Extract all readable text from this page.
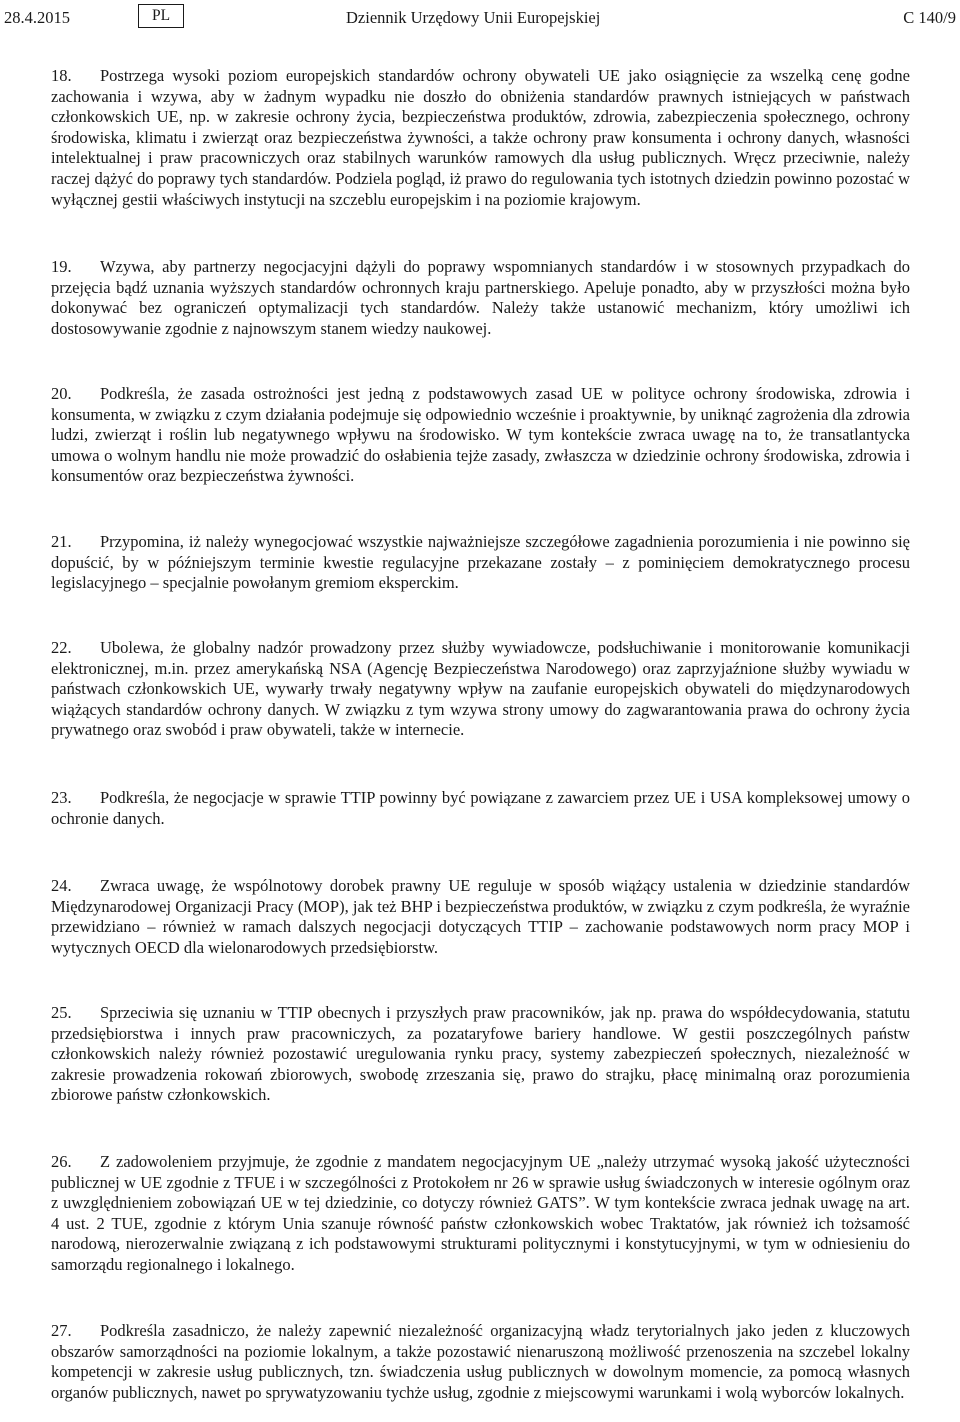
28.4.2015	PL	Dziennik Urzędowy Unii Europejskiej	C 140/9

18. Postrzega wysoki poziom europejskich standardów ochrony obywateli UE jako osiągnięcie za wszelką cenę godne zachowania i wzywa, aby w żadnym wypadku nie doszło do obniżenia standardów prawnych istniejących w państwach członkowskich UE, np. w zakresie ochrony życia, bezpieczeństwa produktów, zdrowia, zabezpieczenia społecznego, ochrony środowiska, klimatu i zwierząt oraz bezpieczeństwa żywności, a także ochrony praw konsumenta i ochrony danych, własności intelektualnej i praw pracowniczych oraz stabilnych warunków ramowych dla usług publicznych. Wręcz przeciwnie, należy raczej dążyć do poprawy tych standardów. Podziela pogląd, iż prawo do regulowania tych istotnych dziedzin powinno pozostać w wyłącznej gestii właściwych instytucji na szczeblu europejskim i na poziomie krajowym.

19. Wzywa, aby partnerzy negocjacyjni dążyli do poprawy wspomnianych standardów i w stosownych przypadkach do przejęcia bądź uznania wyższych standardów ochronnych kraju partnerskiego. Apeluje ponadto, aby w przyszłości można było dokonywać bez ograniczeń optymalizacji tych standardów. Należy także ustanowić mechanizm, który umożliwi ich dostosowywanie zgodnie z najnowszym stanem wiedzy naukowej.

20. Podkreśla, że zasada ostrożności jest jedną z podstawowych zasad UE w polityce ochrony środowiska, zdrowia i konsumenta, w związku z czym działania podejmuje się odpowiednio wcześnie i proaktywnie, by uniknąć zagrożenia dla zdrowia ludzi, zwierząt i roślin lub negatywnego wpływu na środowisko. W tym kontekście zwraca uwagę na to, że transatlantycka umowa o wolnym handlu nie może prowadzić do osłabienia tejże zasady, zwłaszcza w dziedzinie ochrony środowiska, zdrowia i konsumentów oraz bezpieczeństwa żywności.

21. Przypomina, iż należy wynegocjować wszystkie najważniejsze szczegółowe zagadnienia porozumienia i nie powinno się dopuścić, by w późniejszym terminie kwestie regulacyjne przekazane zostały – z pominięciem demokratycznego procesu legislacyjnego – specjalnie powołanym gremiom eksperckim.

22. Ubolewa, że globalny nadzór prowadzony przez służby wywiadowcze, podsłuchiwanie i monitorowanie komunikacji elektronicznej, m.in. przez amerykańską NSA (Agencję Bezpieczeństwa Narodowego) oraz zaprzyjaźnione służby wywiadu w państwach członkowskich UE, wywarły trwały negatywny wpływ na zaufanie europejskich obywateli do międzynarodowych wiążących standardów ochrony danych. W związku z tym wzywa strony umowy do zagwarantowania prawa do ochrony życia prywatnego oraz swobód i praw obywateli, także w internecie.

23. Podkreśla, że negocjacje w sprawie TTIP powinny być powiązane z zawarciem przez UE i USA kompleksowej umowy o ochronie danych.

24. Zwraca uwagę, że wspólnotowy dorobek prawny UE reguluje w sposób wiążący ustalenia w dziedzinie standardów Międzynarodowej Organizacji Pracy (MOP), jak też BHP i bezpieczeństwa produktów, w związku z czym podkreśla, że wyraźnie przewidziano – również w ramach dalszych negocjacji dotyczących TTIP – zachowanie podstawowych norm pracy MOP i wytycznych OECD dla wielonarodowych przedsiębiorstw.

25. Sprzeciwia się uznaniu w TTIP obecnych i przyszłych praw pracowników, jak np. prawa do współdecydowania, statutu przedsiębiorstwa i innych praw pracowniczych, za pozataryfowe bariery handlowe. W gestii poszczególnych państw członkowskich należy również pozostawić uregulowania rynku pracy, systemy zabezpieczeń społecznych, niezależność w zakresie prowadzenia rokowań zbiorowych, swobodę zrzeszania się, prawo do strajku, płacę minimalną oraz porozumienia zbiorowe państw członkowskich.

26. Z zadowoleniem przyjmuje, że zgodnie z mandatem negocjacyjnym UE „należy utrzymać wysoką jakość użyteczności publicznej w UE zgodnie z TFUE i w szczególności z Protokołem nr 26 w sprawie usług świadczonych w interesie ogólnym oraz z uwzględnieniem zobowiązań UE w tej dziedzinie, co dotyczy również GATS”. W tym kontekście zwraca jednak uwagę na art. 4 ust. 2 TUE, zgodnie z którym Unia szanuje równość państw członkowskich wobec Traktatów, jak również ich tożsamość narodową, nierozerwalnie związaną z ich podstawowymi strukturami politycznymi i konstytucyjnymi, w tym w odniesieniu do samorządu regionalnego i lokalnego.

27. Podkreśla zasadniczo, że należy zapewnić niezależność organizacyjną władz terytorialnych jako jeden z kluczowych obszarów samorządności na poziomie lokalnym, a także pozostawić nienaruszoną możliwość przenoszenia na szczebel lokalny kompetencji w zakresie usług publicznych, tzn. świadczenia usług publicznych w dowolnym momencie, za pomocą własnych organów publicznych, nawet po sprywatyzowaniu tychże usług, zgodnie z miejscowymi warunkami i wolą wyborców lokalnych.
